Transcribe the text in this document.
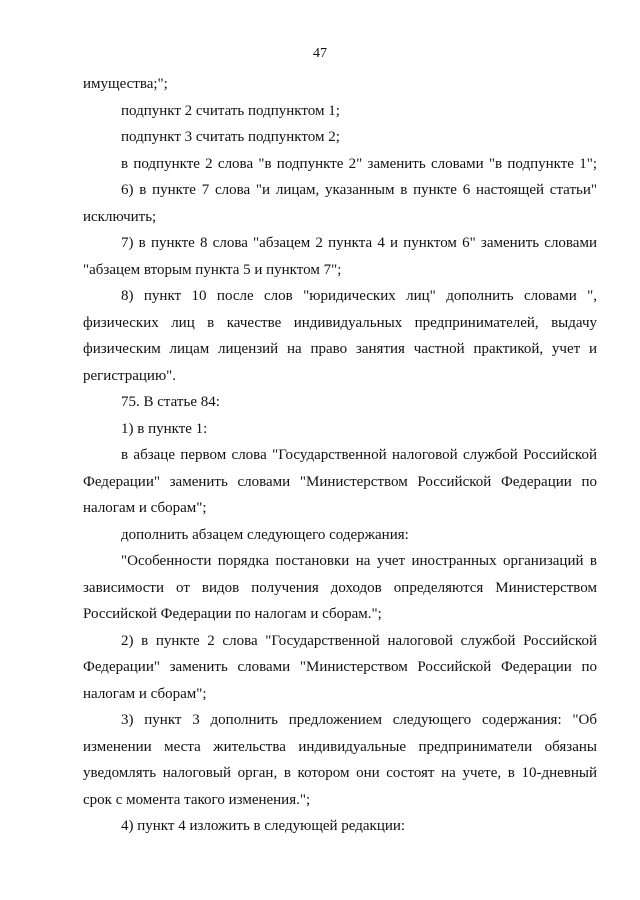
47

имущества;";

подпункт 2 считать подпунктом 1;

подпункт 3 считать подпунктом 2;

в подпункте 2 слова "в подпункте 2" заменить словами "в подпункте 1";

6) в пункте 7 слова "и лицам, указанным в пункте 6 настоящей статьи" исключить;

7) в пункте 8 слова "абзацем 2 пункта 4 и пунктом 6" заменить словами "абзацем вторым пункта 5 и пунктом 7";

8) пункт 10 после слов "юридических лиц" дополнить словами ", физических лиц в качестве индивидуальных предпринимателей, выдачу физическим лицам лицензий на право занятия частной практикой, учет и регистрацию".

75. В статье 84:

1) в пункте 1:

в абзаце первом слова "Государственной налоговой службой Российской Федерации" заменить словами "Министерством Российской Федерации по налогам и сборам";

дополнить абзацем следующего содержания:

"Особенности порядка постановки на учет иностранных организаций в зависимости от видов получения доходов определяются Министерством Российской Федерации по налогам и сборам.";

2) в пункте 2 слова "Государственной налоговой службой Российской Федерации" заменить словами "Министерством Российской Федерации по налогам и сборам";

3) пункт 3 дополнить предложением следующего содержания: "Об изменении места жительства индивидуальные предприниматели обязаны уведомлять налоговый орган, в котором они состоят на учете, в 10-дневный срок с момента такого изменения.";

4) пункт 4 изложить в следующей редакции:
